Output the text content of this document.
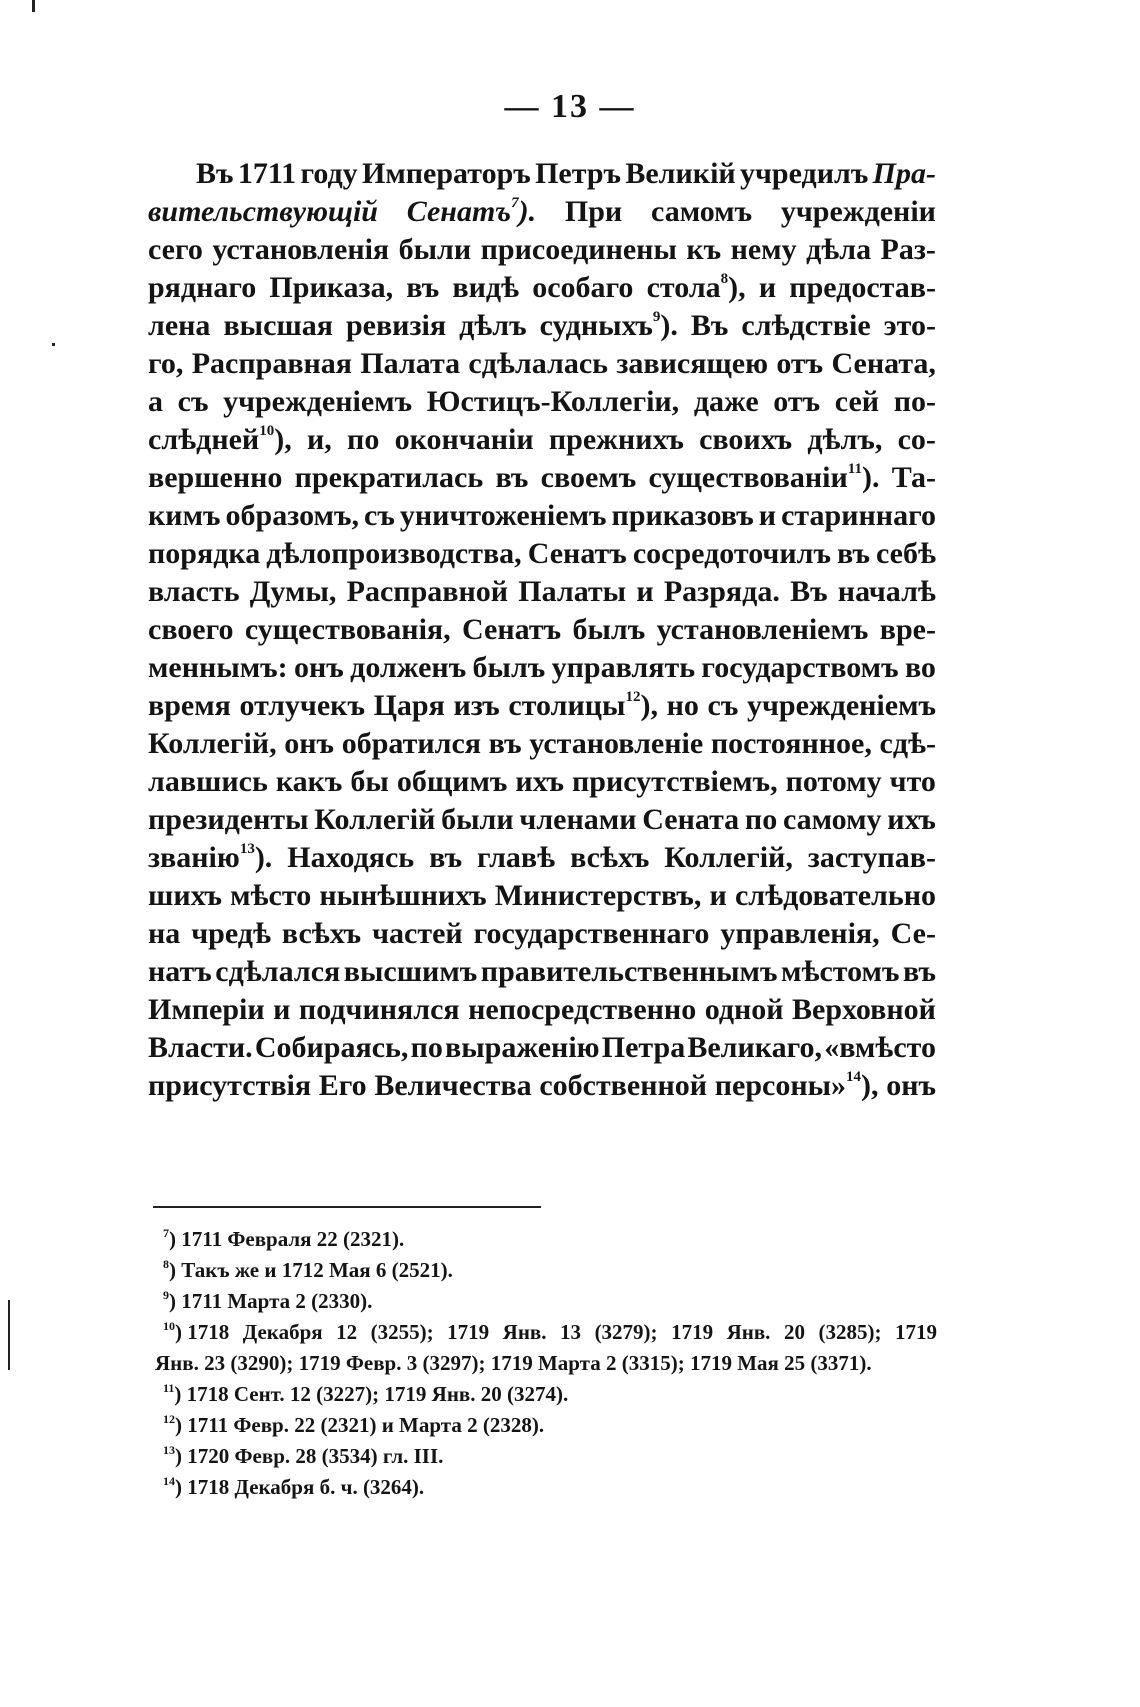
— 13 —
Въ 1711 году Императоръ Петръ Великій учредилъ Пра-
вительствующій Сенатъ$^7$). При самомъ учрежденіи
сего установленія были присоединены къ нему дѣла Раз-
ряднаго Приказа, въ видѣ особаго стола$^8$), и предостав-
лена высшая ревизія дѣлъ судныхъ$^9$). Въ слѣдствіе это-
го, Расправная Палата сдѣлалась зависящею отъ Сената,
а съ учрежденіемъ Юстицъ-Коллегіи, даже отъ сей по-
слѣдней$^{10}$), и, по окончаніи прежнихъ своихъ дѣлъ, со-
вершенно прекратилась въ своемъ существованіи$^{11}$). Та-
кимъ образомъ, съ уничтоженіемъ приказовъ и стариннаго
порядка дѣлопроизводства, Сенатъ сосредоточилъ въ себѣ
власть Думы, Расправной Палаты и Разряда. Въ началѣ
своего существованія, Сенатъ былъ установленіемъ вре-
меннымъ: онъ долженъ былъ управлять государствомъ во
время отлучекъ Царя изъ столицы$^{12}$), но съ учрежденіемъ
Коллегій, онъ обратился въ установленіе постоянное, сдѣ-
лавшись какъ бы общимъ ихъ присутствіемъ, потому что
президенты Коллегій были членами Сената по самому ихъ
званію$^{13}$). Находясь въ главѣ всѣхъ Коллегій, заступав-
шихъ мѣсто нынѣшнихъ Министерствъ, и слѣдовательно
на чредѣ всѣхъ частей государственнаго управленія, Се-
натъ сдѣлался высшимъ правительственнымъ мѣстомъ въ
Имперіи и подчинялся непосредственно одной Верховной
Власти. Собираясь, по выраженію Петра Великаго, «вмѣсто
присутствія Его Величества собственной персоны»$^{14}$), онъ
$^7$) 1711 Февраля 22 (2321).
$^8$) Такъ же и 1712 Мая 6 (2521).
$^9$) 1711 Марта 2 (2330).
$^{10}$) 1718 Декабря 12 (3255); 1719 Янв. 13 (3279); 1719 Янв. 20 (3285); 1719
Янв. 23 (3290); 1719 Февр. 3 (3297); 1719 Марта 2 (3315); 1719 Мая 25 (3371).
$^{11}$) 1718 Сент. 12 (3227); 1719 Янв. 20 (3274).
$^{12}$) 1711 Февр. 22 (2321) и Марта 2 (2328).
$^{13}$) 1720 Февр. 28 (3534) гл. III.
$^{14}$) 1718 Декабря б. ч. (3264).
